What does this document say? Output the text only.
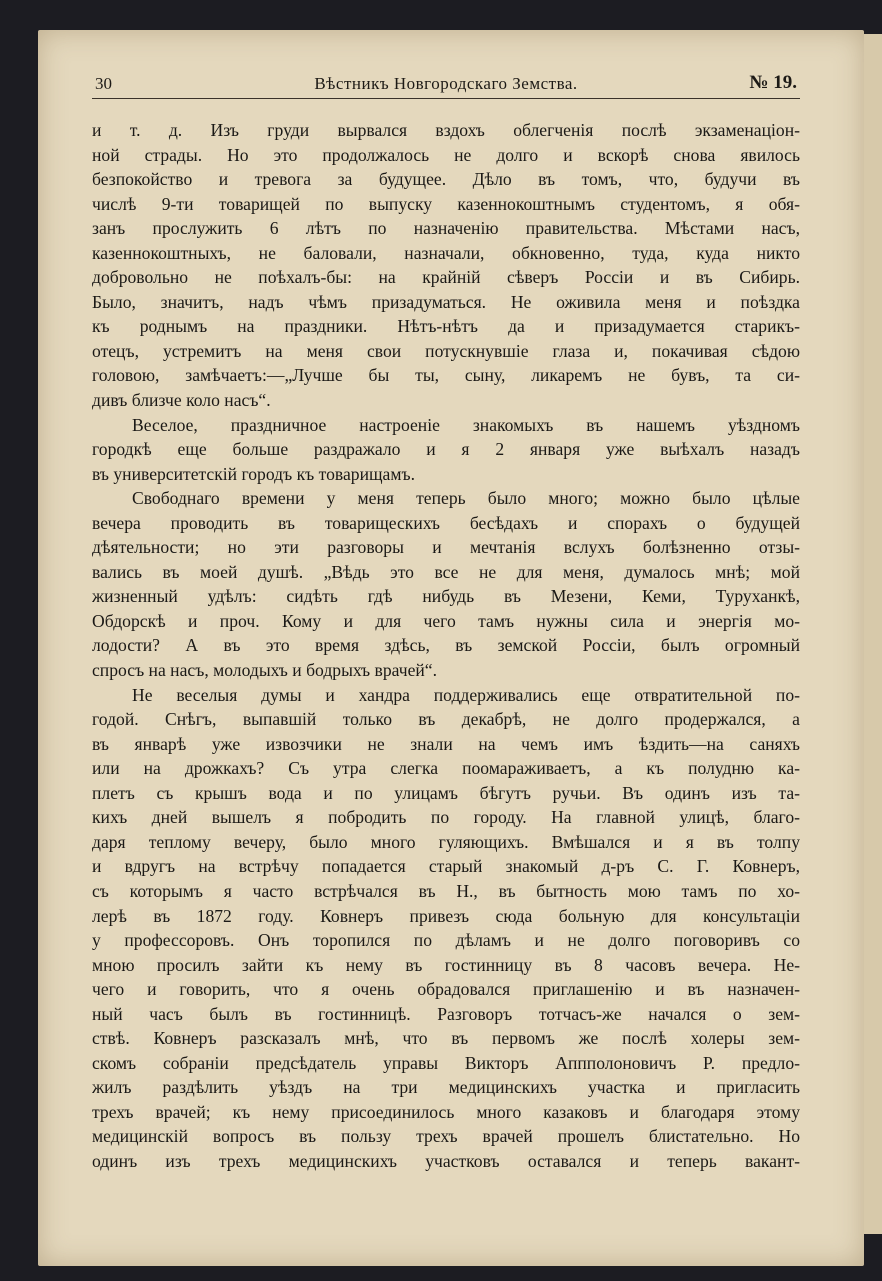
30	Вѣстникъ Новгородскаго Земства.	№ 19.
и т. д. Изъ груди вырвался вздохъ облегченія послѣ экзаменаціон-
ной страды. Но это продолжалось не долго и вскорѣ снова явилось
безпокойство и тревога за будущее. Дѣло въ томъ, что, будучи въ
числѣ 9-ти товарищей по выпуску казеннокоштнымъ студентомъ, я обя-
занъ прослужить 6 лѣтъ по назначенію правительства. Мѣстами насъ,
казеннокоштныхъ, не баловали, назначали, обкновенно, туда, куда никто
добровольно не поѣхалъ-бы: на крайній сѣверъ Россіи и въ Сибирь.
Было, значитъ, надъ чѣмъ призадуматься. Не оживила меня и поѣздка
къ роднымъ на праздники. Нѣтъ-нѣтъ да и призадумается старикъ-
отецъ, устремитъ на меня свои потускнувшіе глаза и, покачивая сѣдою
головою, замѣчаетъ:—„Лучше бы ты, сыну, ликаремъ не бувъ, та си-
дивъ близче коло насъ“.
Веселое, праздничное настроеніе знакомыхъ въ нашемъ уѣздномъ
городкѣ еще больше раздражало и я 2 января уже выѣхалъ назадъ
въ университетскій городъ къ товарищамъ.
Свободнаго времени у меня теперь было много; можно было цѣлые
вечера проводить въ товарищескихъ бесѣдахъ и спорахъ о будущей
дѣятельности; но эти разговоры и мечтанія вслухъ болѣзненно отзы-
вались въ моей душѣ. „Вѣдь это все не для меня, думалось мнѣ; мой
жизненный удѣлъ: сидѣть гдѣ нибудь въ Мезени, Кеми, Туруханкѣ,
Обдорскѣ и проч. Кому и для чего тамъ нужны сила и энергія мо-
лодости? А въ это время здѣсь, въ земской Россіи, былъ огромный
спросъ на насъ, молодыхъ и бодрыхъ врачей“.
Не веселыя думы и хандра поддерживались еще отвратительной по-
годой. Снѣгъ, выпавшій только въ декабрѣ, не долго продержался, а
въ январѣ уже извозчики не знали на чемъ имъ ѣздить—на саняхъ
или на дрожкахъ? Съ утра слегка поомараживаетъ, а къ полудню ка-
плетъ съ крышъ вода и по улицамъ бѣгутъ ручьи. Въ одинъ изъ та-
кихъ дней вышелъ я побродить по городу. На главной улицѣ, благо-
даря теплому вечеру, было много гуляющихъ. Вмѣшался и я въ толпу
и вдругъ на встрѣчу попадается старый знакомый д-ръ С. Г. Ковнеръ,
съ которымъ я часто встрѣчался въ Н., въ бытность мою тамъ по хо-
лерѣ въ 1872 году. Ковнеръ привезъ сюда больную для консультаціи
у профессоровъ. Онъ торопился по дѣламъ и не долго поговоривъ со
мною просилъ зайти къ нему въ гостинницу въ 8 часовъ вечера. Не-
чего и говорить, что я очень обрадовался приглашенію и въ назначен-
ный часъ былъ въ гостинницѣ. Разговоръ тотчасъ-же начался о зем-
ствѣ. Ковнеръ разсказалъ мнѣ, что въ первомъ же послѣ холеры зем-
скомъ собраніи предсѣдатель управы Викторъ Аппполоновичъ Р. предло-
жилъ раздѣлить уѣздъ на три медицинскихъ участка и пригласить
трехъ врачей; къ нему присоединилось много казаковъ и благодаря этому
медицинскій вопросъ въ пользу трехъ врачей прошелъ блистательно. Но
одинъ изъ трехъ медицинскихъ участковъ оставался и теперь вакант-
